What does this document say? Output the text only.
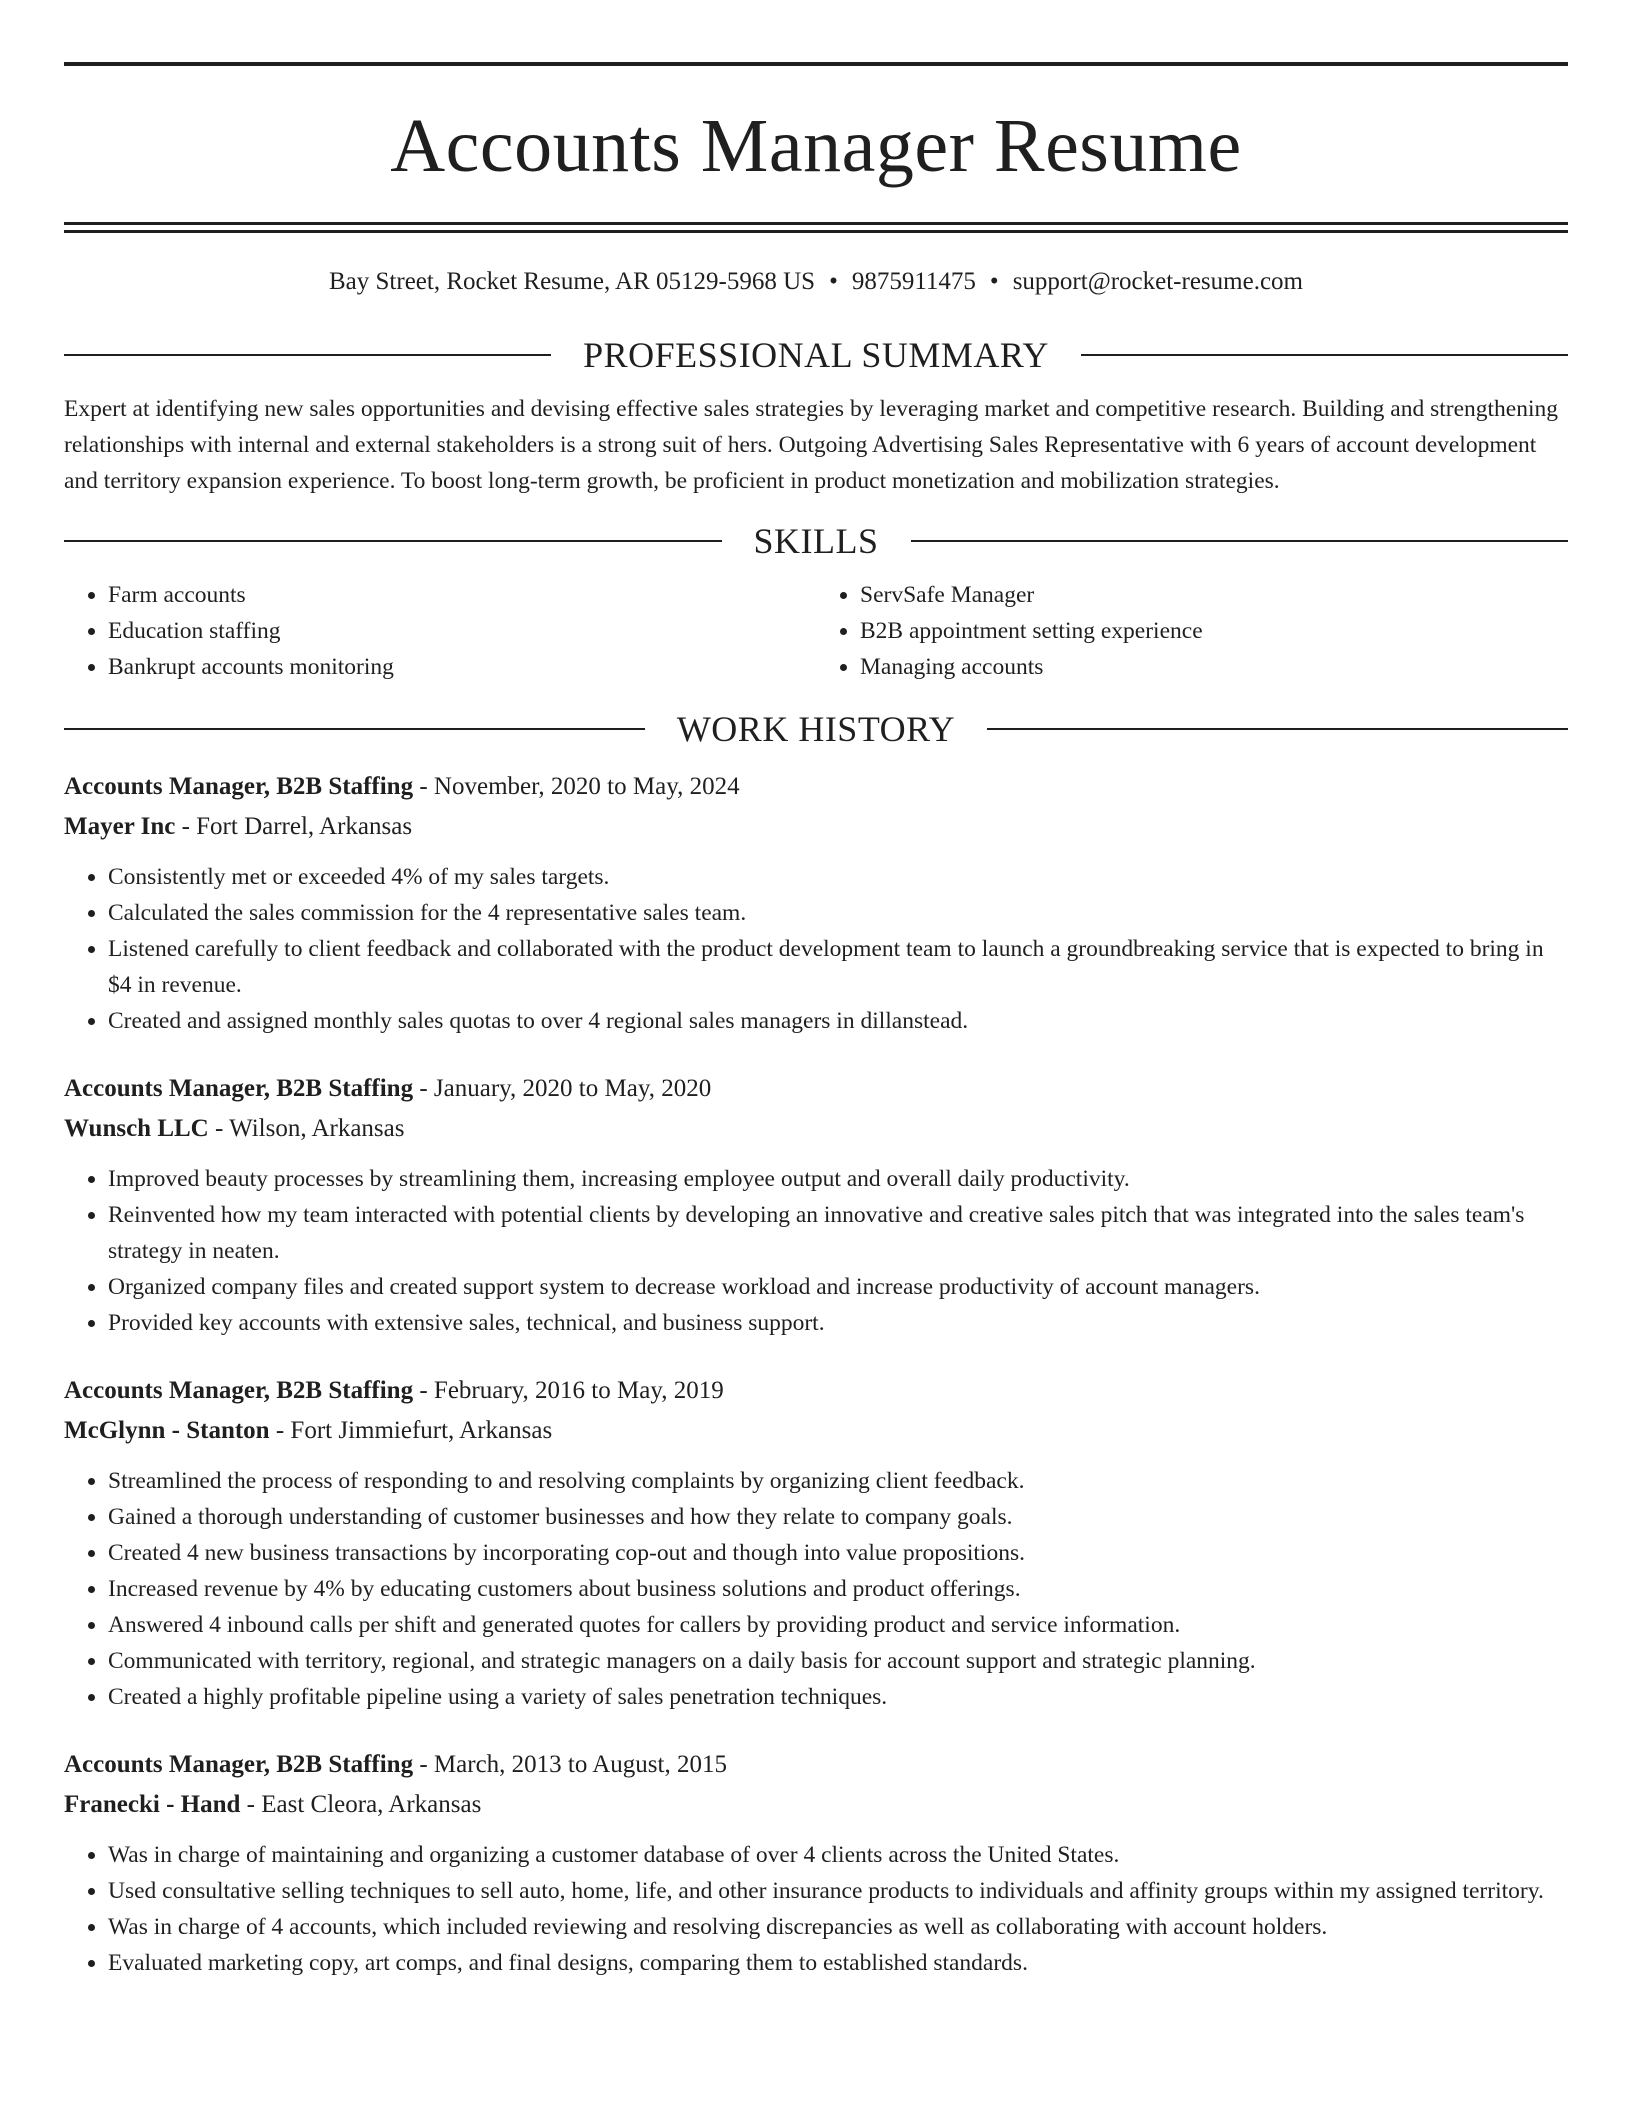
Accounts Manager Resume
Bay Street, Rocket Resume, AR 05129-5968 US • 9875911475 • support@rocket-resume.com
PROFESSIONAL SUMMARY

Expert at identifying new sales opportunities and devising effective sales strategies by leveraging market and competitive research. Building and strengthening relationships with internal and external stakeholders is a strong suit of hers. Outgoing Advertising Sales Representative with 6 years of account development and territory expansion experience. To boost long-term growth, be proficient in product monetization and mobilization strategies.

SKILLS
• Farm accounts
• Education staffing
• Bankrupt accounts monitoring
• ServSafe Manager
• B2B appointment setting experience
• Managing accounts
WORK HISTORY
Accounts Manager, B2B Staffing - November, 2020 to May, 2024
Mayer Inc - Fort Darrel, Arkansas
• Consistently met or exceeded 4% of my sales targets.
• Calculated the sales commission for the 4 representative sales team.
• Listened carefully to client feedback and collaborated with the product development team to launch a groundbreaking service that is expected to bring in $4 in revenue.
• Created and assigned monthly sales quotas to over 4 regional sales managers in dillanstead.
Accounts Manager, B2B Staffing - January, 2020 to May, 2020
Wunsch LLC - Wilson, Arkansas
• Improved beauty processes by streamlining them, increasing employee output and overall daily productivity.
• Reinvented how my team interacted with potential clients by developing an innovative and creative sales pitch that was integrated into the sales team's strategy in neaten.
• Organized company files and created support system to decrease workload and increase productivity of account managers.
• Provided key accounts with extensive sales, technical, and business support.
Accounts Manager, B2B Staffing - February, 2016 to May, 2019
McGlynn - Stanton - Fort Jimmiefurt, Arkansas
• Streamlined the process of responding to and resolving complaints by organizing client feedback.
• Gained a thorough understanding of customer businesses and how they relate to company goals.
• Created 4 new business transactions by incorporating cop-out and though into value propositions.
• Increased revenue by 4% by educating customers about business solutions and product offerings.
• Answered 4 inbound calls per shift and generated quotes for callers by providing product and service information.
• Communicated with territory, regional, and strategic managers on a daily basis for account support and strategic planning.
• Created a highly profitable pipeline using a variety of sales penetration techniques.
Accounts Manager, B2B Staffing - March, 2013 to August, 2015
Franecki - Hand - East Cleora, Arkansas
• Was in charge of maintaining and organizing a customer database of over 4 clients across the United States.
• Used consultative selling techniques to sell auto, home, life, and other insurance products to individuals and affinity groups within my assigned territory.
• Was in charge of 4 accounts, which included reviewing and resolving discrepancies as well as collaborating with account holders.
• Evaluated marketing copy, art comps, and final designs, comparing them to established standards.
